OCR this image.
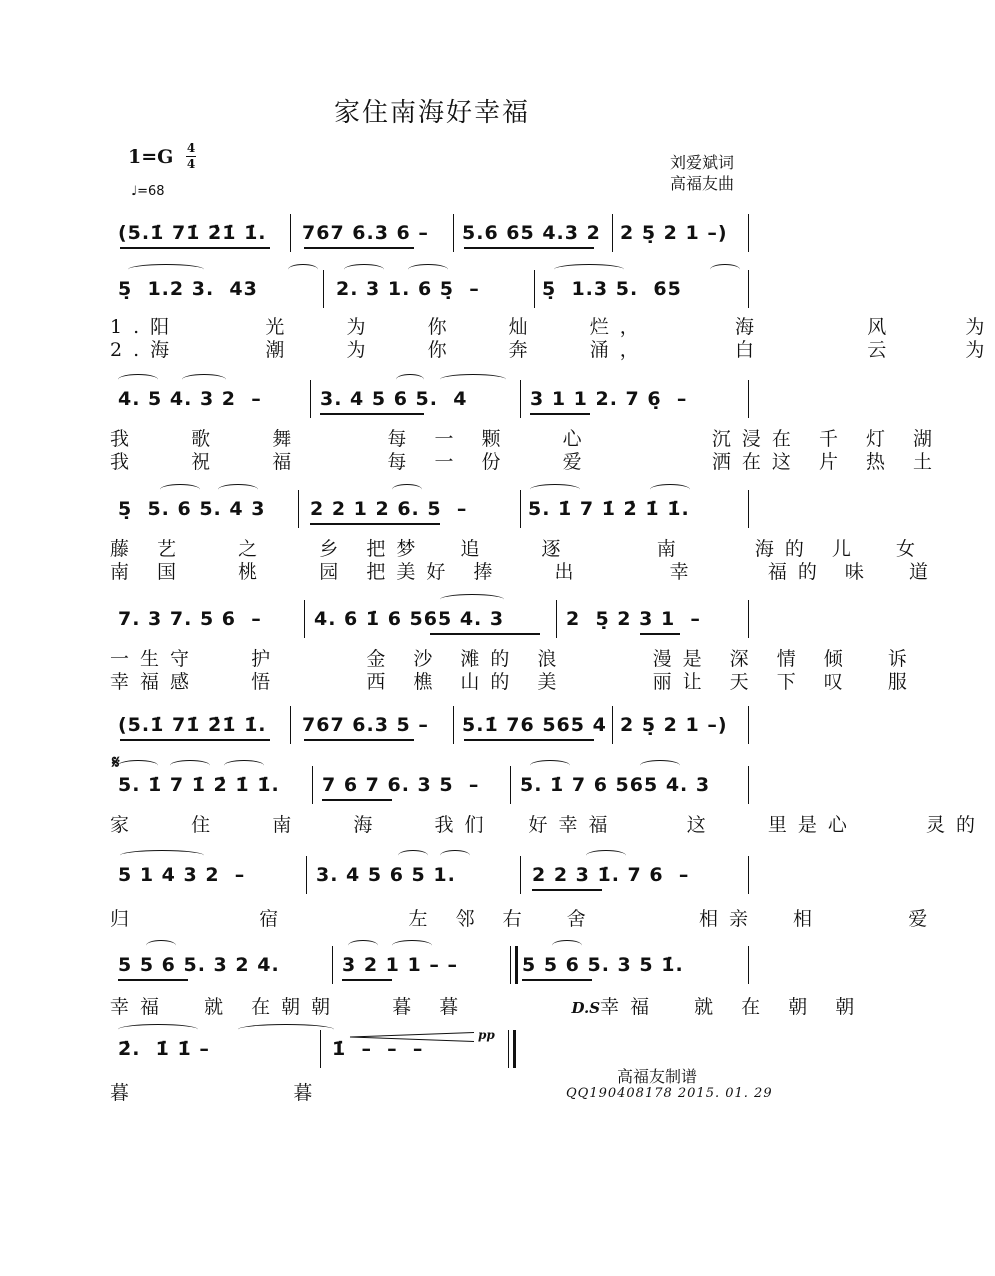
家住南海好幸福
1=G 4
4
♩=68
刘爱斌词
高福友曲

(5.1̇ 71̇ 2̇1̇ 1̇.

767 6.3 6 –

5.6 65 4.3 2

2 5̣ 2 1 –)

5̣  1.2 3.  43

	2. 3 1. 6 5̣  –

	5̣  1.3 5.  65

1.阳     光   为   你   灿   烂，     海      风    为
2.海     潮   为   你   奔   涌，     白      云    为

4. 5 4. 3 2  –

	3. 4 5 6 5.  4

	3 1 1 2. 7 6̣  –

我   歌   舞     每 一 颗   心       沉浸在 千 灯 湖
我   祝   福     每 一 份   爱       洒在这 片 热 土

5̣  5. 6 5. 4 3

2 2 1 2 6. 5  –

	5. 1̇ 7 1̇ 2̇ 1̇ 1̇.

藤 艺   之   乡 把梦  追   逐     南    海的 儿  女
南 国   桃   园 把美好 捧   出     幸    福的 味  道

7. 3 7. 5 6  –

	4. 6 1̇ 6 565 4. 3

	2  5̣ 2 3 1  –

一生守   护     金 沙 滩的 浪     漫是 深 情 倾  诉
幸福感   悟     西 樵 山的 美     丽让 天 下 叹  服

(5.1̇ 71̇ 2̇1̇ 1̇.

767 6.3 5 –

5.1̇ 76 565 4

2 5̣ 2 1 –)

𝄋

5. 1̇ 7 1̇ 2̇ 1̇ 1̇.

7 6 7 6. 3 5  –

5. 1̇ 7 6 565 4. 3

家   住   南   海   我们  好幸福    这   里是心    灵的

5 1 4 3 2  –

	3. 4 5 6 5 1.

	2 2 3 1̇. 7 6  –

归       宿       左 邻 右  舍      相亲  相     爱

5 5 6 5. 3 2 4.

	3 2 1 1 – –

	5 5 6 5. 3 5 1̇.

幸福  就 在朝朝   暮 暮	D.S幸福  就 在 朝 朝

2̇.  1̇ 1̇ –

	1̇  –  –  –

暮         暮
pp
高福友制谱
QQ190408178 2015. 01. 29
